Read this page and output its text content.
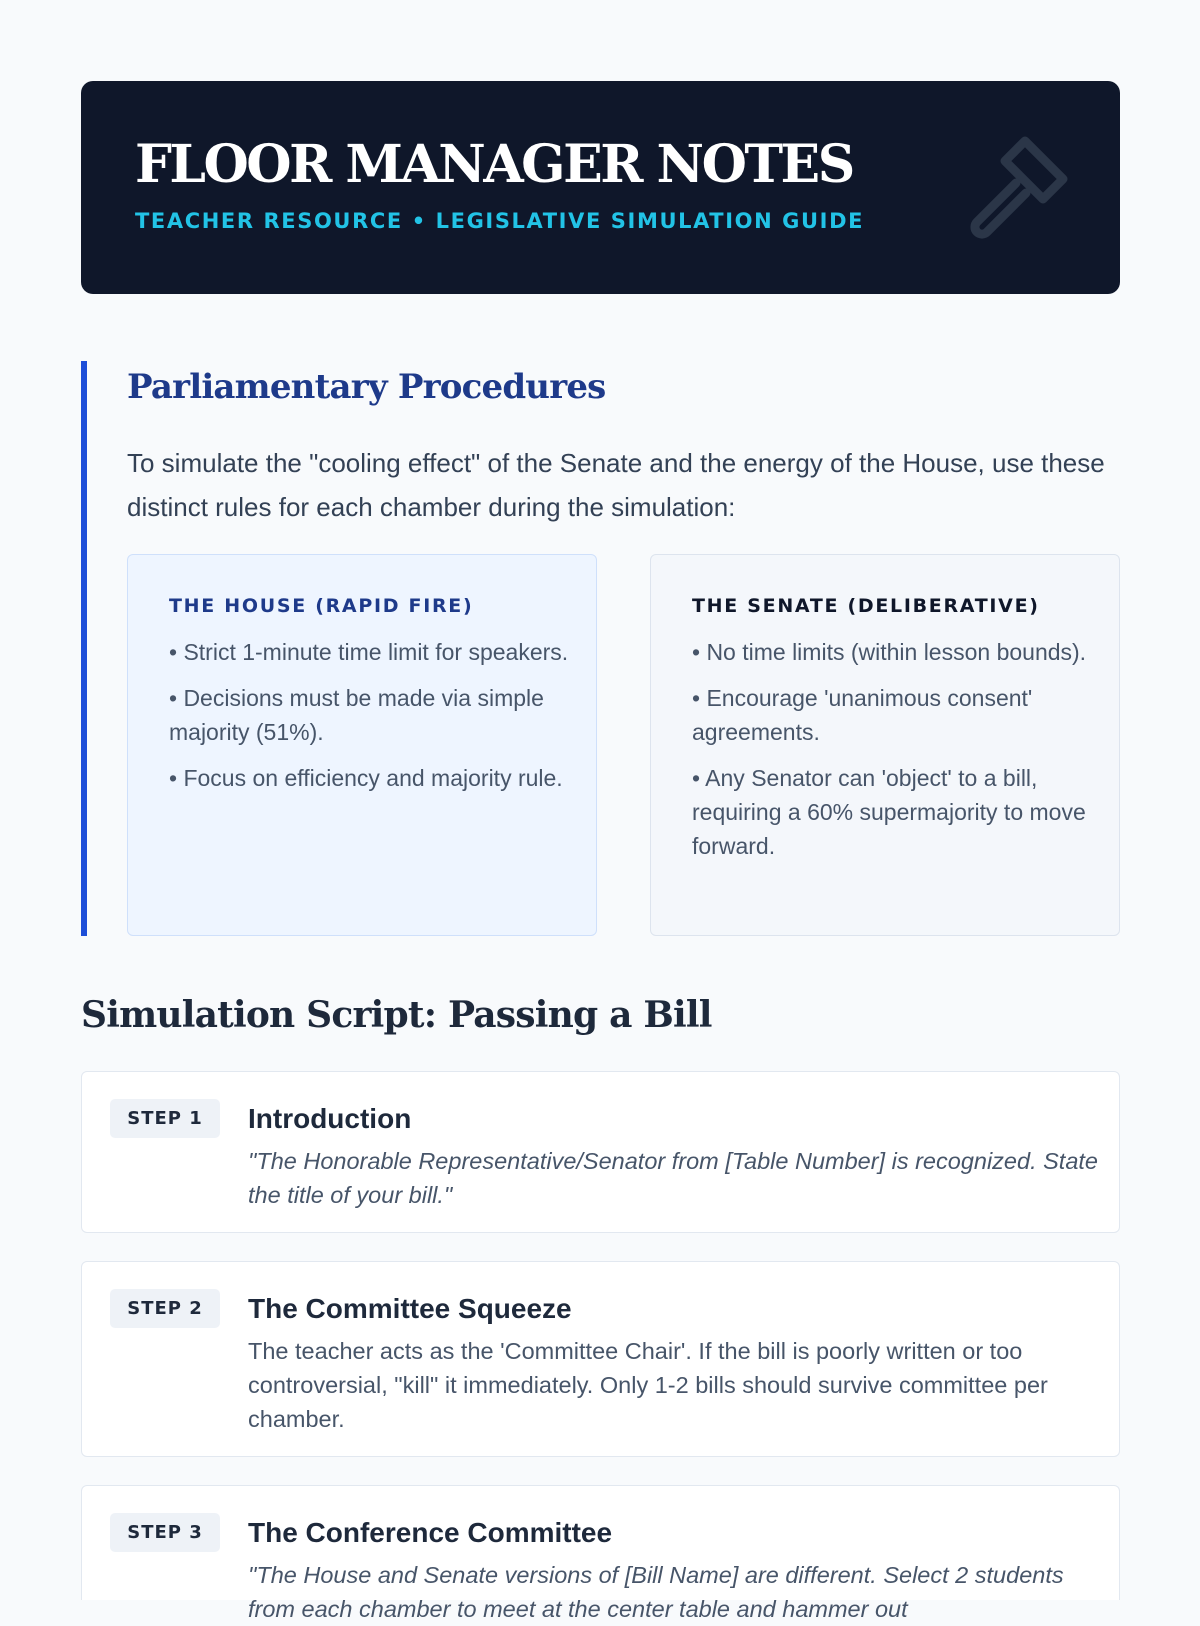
FLOOR MANAGER NOTES
TEACHER RESOURCE • LEGISLATIVE SIMULATION GUIDE
Parliamentary Procedures

To simulate the "cooling effect" of the Senate and the energy of the House, use these distinct rules for each chamber during the simulation:

THE HOUSE (RAPID FIRE)
• Strict 1-minute time limit for speakers.
• Decisions must be made via simple majority (51%).
• Focus on efficiency and majority rule.
THE SENATE (DELIBERATIVE)
• No time limits (within lesson bounds).
• Encourage 'unanimous consent' agreements.
• Any Senator can 'object' to a bill, requiring a 60% supermajority to move forward.
Simulation Script: Passing a Bill
STEP 1	Introduction
"The Honorable Representative/Senator from [Table Number] is recognized. State the title of your bill."
STEP 2	The Committee Squeeze
The teacher acts as the 'Committee Chair'. If the bill is poorly written or too controversial, "kill" it immediately. Only 1-2 bills should survive committee per chamber.
STEP 3	The Conference Committee
"The House and Senate versions of [Bill Name] are different. Select 2 students from each chamber to meet at the center table and hammer out
